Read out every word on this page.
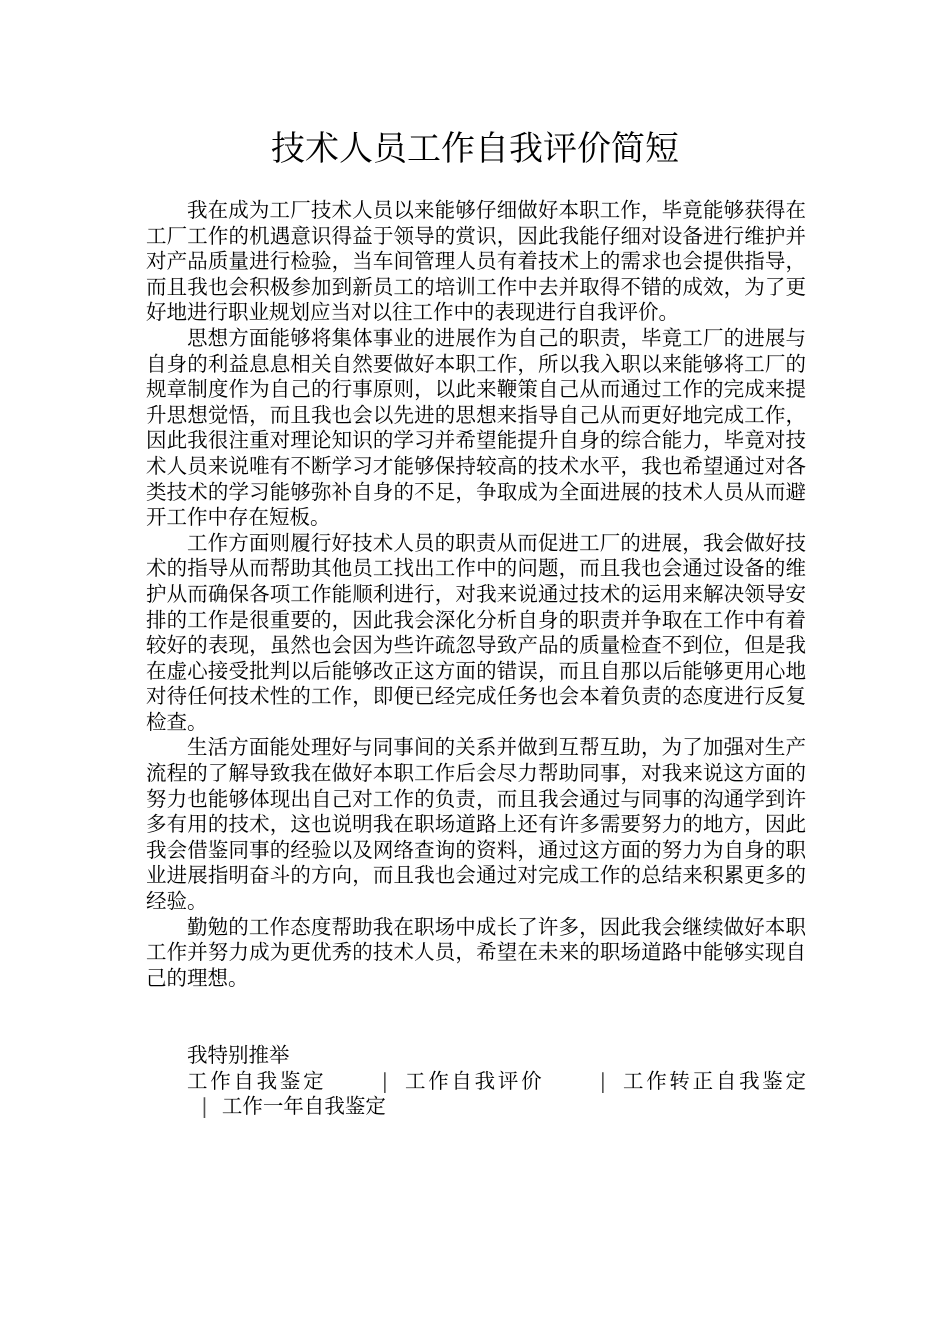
技术人员工作自我评价简短

我在成为工厂技术人员以来能够仔细做好本职工作，毕竟能够获得在工厂工作的机遇意识得益于领导的赏识，因此我能仔细对设备进行维护并对产品质量进行检验，当车间管理人员有着技术上的需求也会提供指导，而且我也会积极参加到新员工的培训工作中去并取得不错的成效，为了更好地进行职业规划应当对以往工作中的表现进行自我评价。

思想方面能够将集体事业的进展作为自己的职责，毕竟工厂的进展与自身的利益息息相关自然要做好本职工作，所以我入职以来能够将工厂的规章制度作为自己的行事原则，以此来鞭策自己从而通过工作的完成来提升思想觉悟，而且我也会以先进的思想来指导自己从而更好地完成工作，因此我很注重对理论知识的学习并希望能提升自身的综合能力，毕竟对技术人员来说唯有不断学习才能够保持较高的技术水平，我也希望通过对各类技术的学习能够弥补自身的不足，争取成为全面进展的技术人员从而避开工作中存在短板。

工作方面则履行好技术人员的职责从而促进工厂的进展，我会做好技术的指导从而帮助其他员工找出工作中的问题，而且我也会通过设备的维护从而确保各项工作能顺利进行，对我来说通过技术的运用来解决领导安排的工作是很重要的，因此我会深化分析自身的职责并争取在工作中有着较好的表现，虽然也会因为些许疏忽导致产品的质量检查不到位，但是我在虚心接受批判以后能够改正这方面的错误，而且自那以后能够更用心地对待任何技术性的工作，即便已经完成任务也会本着负责的态度进行反复检查。

生活方面能处理好与同事间的关系并做到互帮互助，为了加强对生产流程的了解导致我在做好本职工作后会尽力帮助同事，对我来说这方面的努力也能够体现出自己对工作的负责，而且我会通过与同事的沟通学到许多有用的技术，这也说明我在职场道路上还有许多需要努力的地方，因此我会借鉴同事的经验以及网络查询的资料，通过这方面的努力为自身的职业进展指明奋斗的方向，而且我也会通过对完成工作的总结来积累更多的经验。

勤勉的工作态度帮助我在职场中成长了许多，因此我会继续做好本职工作并努力成为更优秀的技术人员，希望在未来的职场道路中能够实现自己的理想。

我特别推举

工作自我鉴定	| 工作自我评价	| 工作转正自我鉴定| 工作一年自我鉴定
